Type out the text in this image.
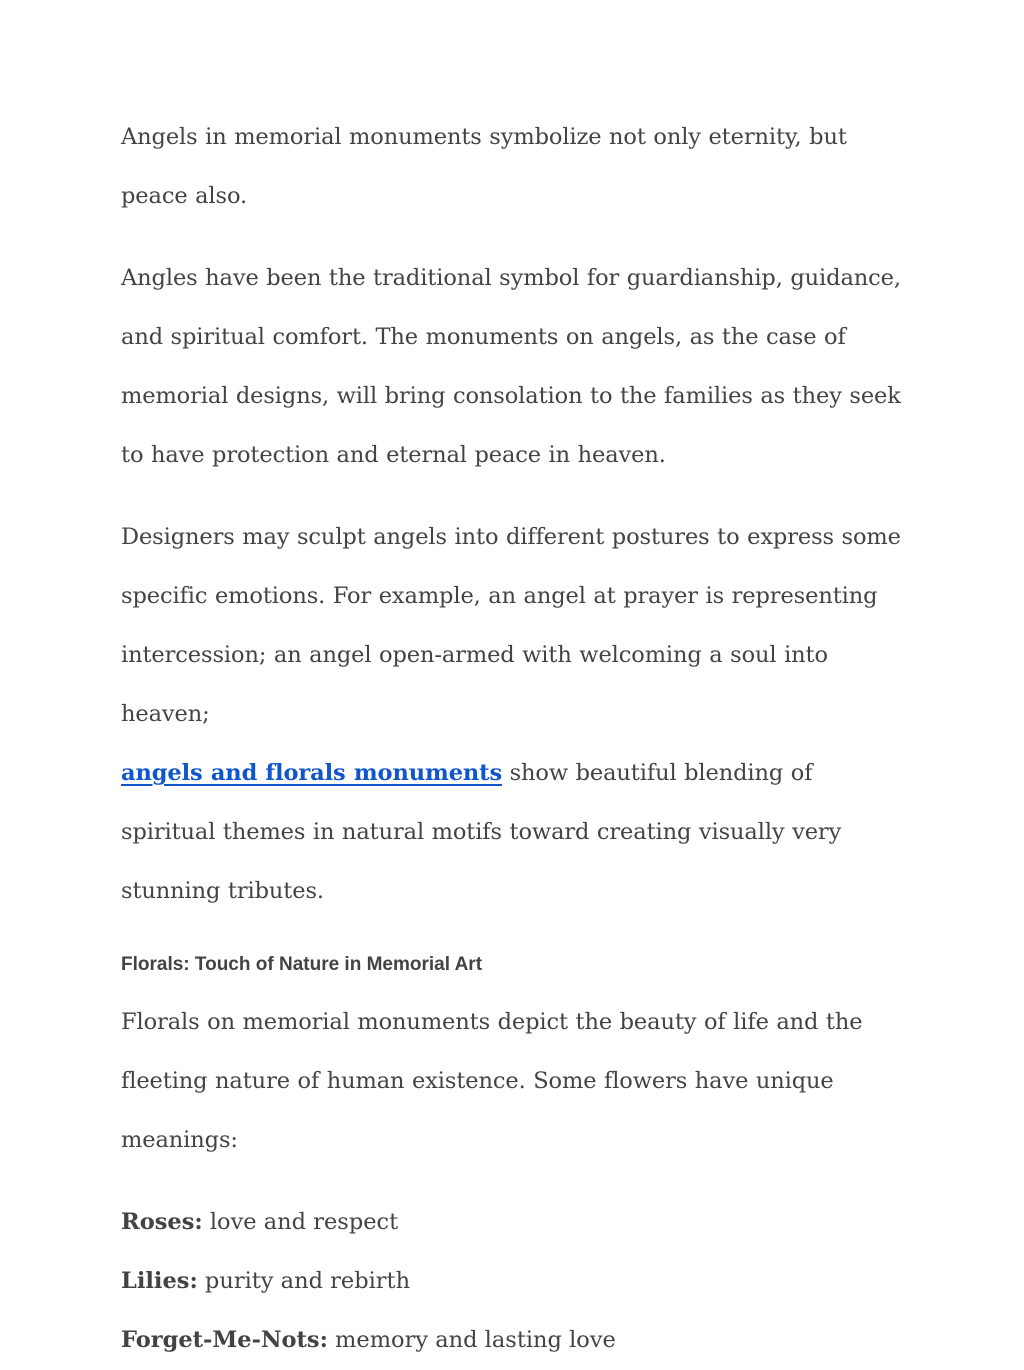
Angels in memorial monuments symbolize not only eternity, but peace also.

Angles have been the traditional symbol for guardianship, guidance, and spiritual comfort. The monuments on angels, as the case of memorial designs, will bring consolation to the families as they seek to have protection and eternal peace in heaven.

Designers may sculpt angels into different postures to express some specific emotions. For example, an angel at prayer is representing intercession; an angel open-armed with welcoming a soul into heaven;
angels and florals monuments show beautiful blending of spiritual themes in natural motifs toward creating visually very stunning tributes.

Florals: Touch of Nature in Memorial Art

Florals on memorial monuments depict the beauty of life and the fleeting nature of human existence. Some flowers have unique meanings:

Roses: love and respect

Lilies: purity and rebirth

Forget-Me-Nots: memory and lasting love
